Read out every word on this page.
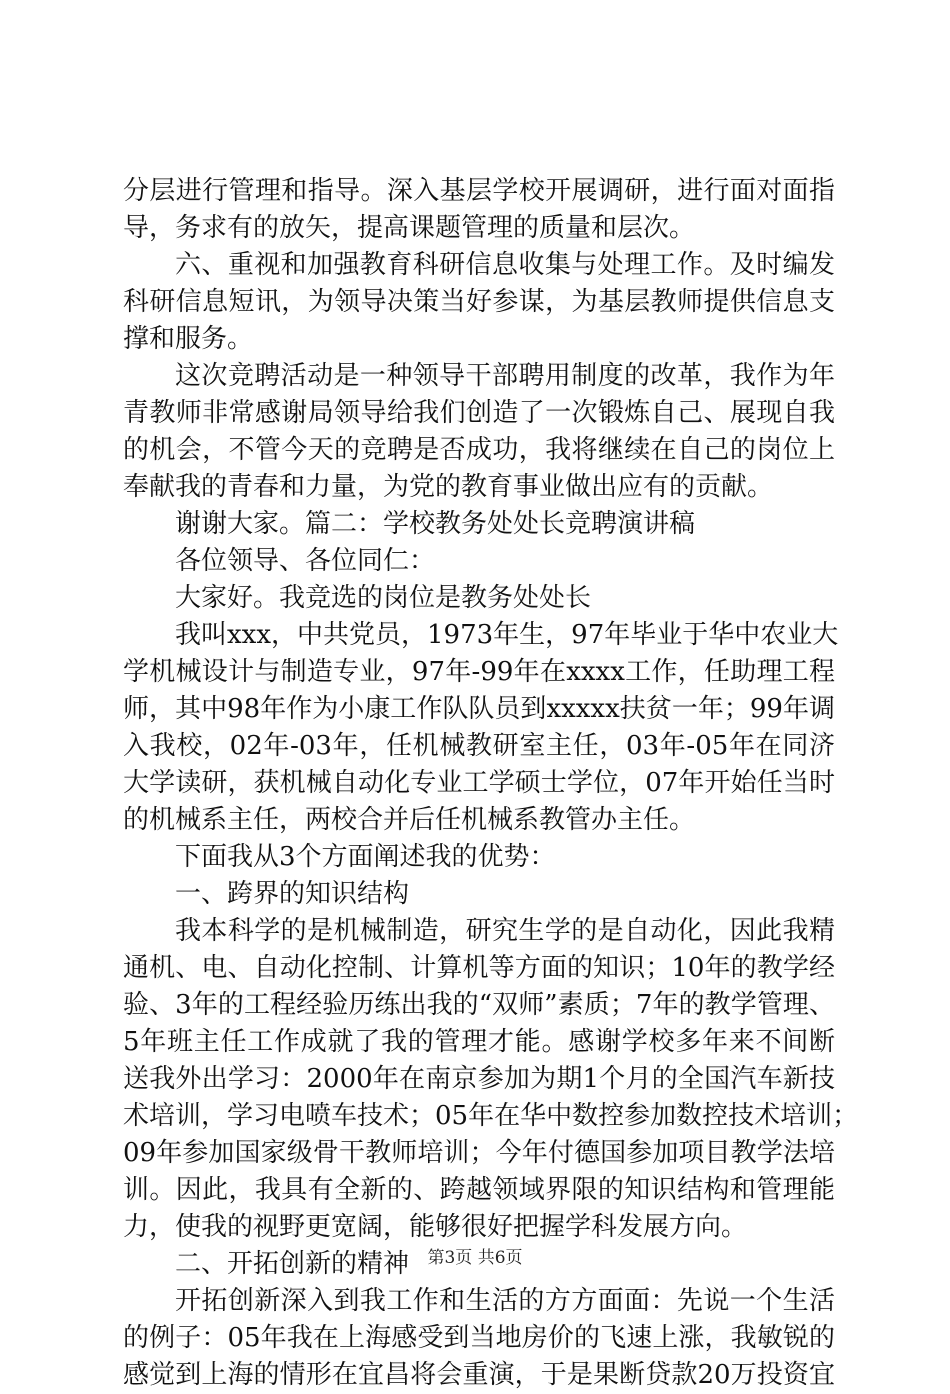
分层进行管理和指导。深入基层学校开展调研，进行面对面指
导，务求有的放矢，提高课题管理的质量和层次。
六、重视和加强教育科研信息收集与处理工作。及时编发
科研信息短讯，为领导决策当好参谋，为基层教师提供信息支
撑和服务。
这次竞聘活动是一种领导干部聘用制度的改革，我作为年
青教师非常感谢局领导给我们创造了一次锻炼自己、展现自我
的机会，不管今天的竞聘是否成功，我将继续在自己的岗位上
奉献我的青春和力量，为党的教育事业做出应有的贡献。
谢谢大家。篇二：学校教务处处长竞聘演讲稿
各位领导、各位同仁：
大家好。我竞选的岗位是教务处处长
我叫xxx，中共党员，1973年生，97年毕业于华中农业大
学机械设计与制造专业，97年-99年在xxxx工作，任助理工程
师，其中98年作为小康工作队队员到xxxxx扶贫一年；99年调
入我校，02年-03年，任机械教研室主任，03年-05年在同济
大学读研，获机械自动化专业工学硕士学位，07年开始任当时
的机械系主任，两校合并后任机械系教管办主任。
下面我从3个方面阐述我的优势：
一、跨界的知识结构
我本科学的是机械制造，研究生学的是自动化，因此我精
通机、电、自动化控制、计算机等方面的知识；10年的教学经
验、3年的工程经验历练出我的“双师”素质；7年的教学管理、
5年班主任工作成就了我的管理才能。感谢学校多年来不间断
送我外出学习：2000年在南京参加为期1个月的全国汽车新技
术培训，学习电喷车技术；05年在华中数控参加数控技术培训；
09年参加国家级骨干教师培训；今年付德国参加项目教学法培
训。因此，我具有全新的、跨越领域界限的知识结构和管理能
力，使我的视野更宽阔，能够很好把握学科发展方向。
二、开拓创新的精神
开拓创新深入到我工作和生活的方方面面：先说一个生活
的例子：05年我在上海感受到当地房价的飞速上涨，我敏锐的
感觉到上海的情形在宜昌将会重演，于是果断贷款20万投资宜
第3页 共6页
